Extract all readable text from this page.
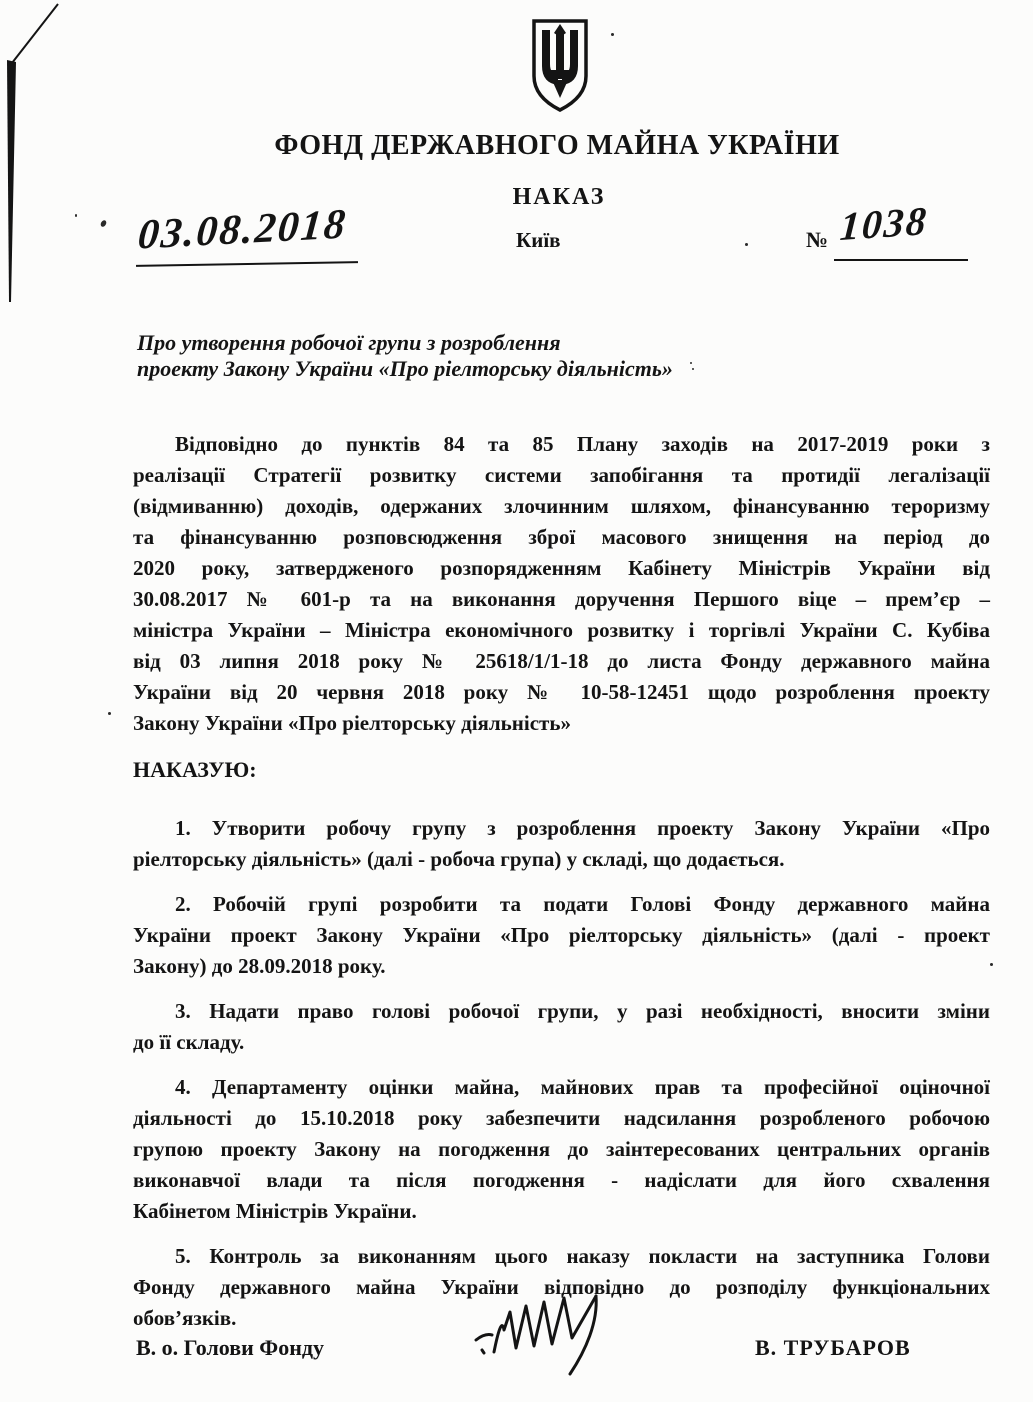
ФОНД ДЕРЖАВНОГО МАЙНА УКРАЇНИ
НАКАЗ
03.08.2018	Київ	№ 1038
Про утворення робочої групи з розроблення
проекту Закону України «Про ріелторську діяльність»
Відповідно до пунктів 84 та 85 Плану заходів на 2017-2019 роки з
реалізації Стратегії розвитку системи запобігання та протидії легалізації
(відмиванню) доходів, одержаних злочинним шляхом, фінансуванню тероризму
та фінансуванню розповсюдження зброї масового знищення на період до
2020 року, затвердженого розпорядженням Кабінету Міністрів України від
30.08.2017 № 601-р та на виконання доручення Першого віце – прем’єр –
міністра України – Міністра економічного розвитку і торгівлі України С. Кубіва
від 03 липня 2018 року № 25618/1/1-18 до листа Фонду державного майна
України від 20 червня 2018 року № 10-58-12451 щодо розроблення проекту
Закону України «Про ріелторську діяльність»
НАКАЗУЮ:
1. Утворити робочу групу з розроблення проекту Закону України «Про
ріелторську діяльність» (далі - робоча група) у складі, що додається.
2. Робочій групі розробити та подати Голові Фонду державного майна
України проект Закону України «Про ріелторську діяльність» (далі - проект
Закону) до 28.09.2018 року.
3. Надати право голові робочої групи, у разі необхідності, вносити зміни
до її складу.
4. Департаменту оцінки майна, майнових прав та професійної оціночної
діяльності до 15.10.2018 року забезпечити надсилання розробленого робочою
групою проекту Закону на погодження до заінтересованих центральних органів
виконавчої влади та після погодження - надіслати для його схвалення
Кабінетом Міністрів України.
5. Контроль за виконанням цього наказу покласти на заступника Голови
Фонду державного майна України відповідно до розподілу функціональних
обов’язків.
В. о. Голови Фонду	В. ТРУБАРОВ
